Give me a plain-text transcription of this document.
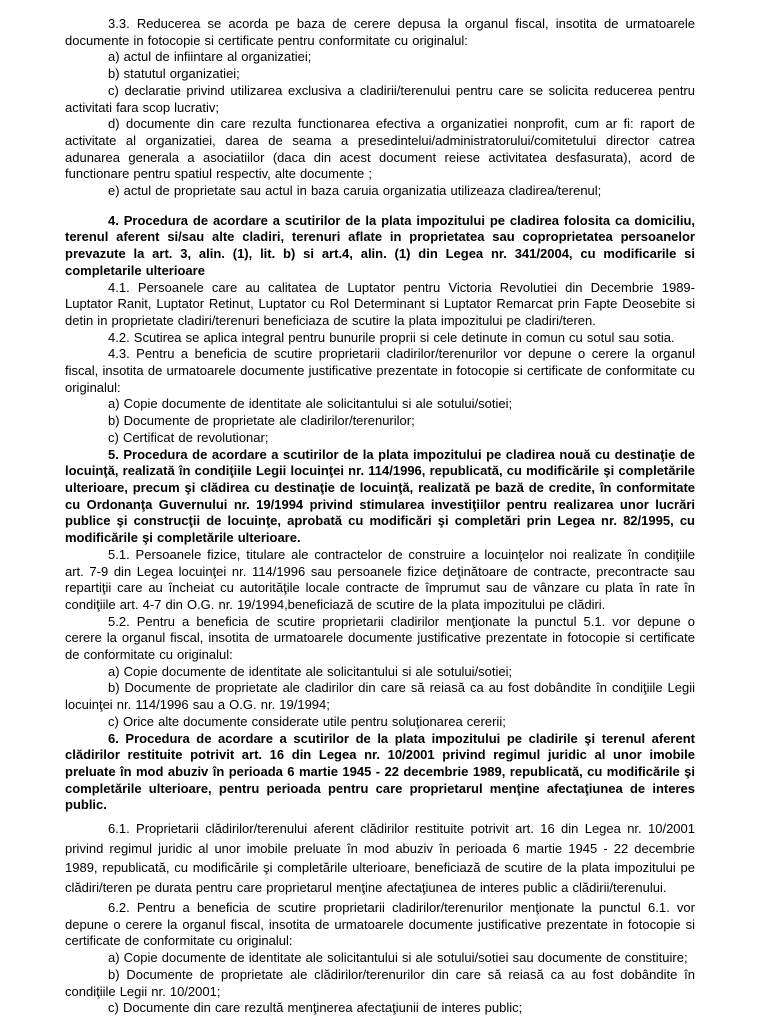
3.3. Reducerea se acorda pe baza de cerere depusa la organul fiscal, insotita de urmatoarele documente in fotocopie si certificate pentru conformitate cu originalul:

a) actul de infiintare al organizatiei;

b) statutul organizatiei;

c) declaratie privind utilizarea exclusiva a cladirii/terenului pentru care se solicita reducerea pentru activitati fara scop lucrativ;

d) documente din care rezulta functionarea efectiva a organizatiei nonprofit, cum ar fi: raport de activitate al organizatiei, darea de seama a presedintelui/administratorului/comitetului director catrea adunarea generala a asociatiilor (daca din acest document reiese activitatea desfasurata), acord de functionare pentru spatiul respectiv, alte documente ;

e) actul de proprietate sau actul in baza caruia organizatia utilizeaza cladirea/terenul;

4. Procedura de acordare a scutirilor de la plata impozitului pe cladirea folosita ca domiciliu, terenul aferent si/sau alte cladiri, terenuri aflate in proprietatea sau coproprietatea persoanelor prevazute la art. 3, alin. (1), lit. b) si art.4, alin. (1) din Legea nr. 341/2004, cu modificarile si completarile ulterioare

4.1. Persoanele care au calitatea de Luptator pentru Victoria Revolutiei din Decembrie 1989- Luptator Ranit, Luptator Retinut, Luptator cu Rol Determinant si Luptator Remarcat prin Fapte Deosebite si detin in proprietate cladiri/terenuri beneficiaza de scutire la plata impozitului pe cladiri/teren.

4.2. Scutirea se aplica integral pentru bunurile proprii si cele detinute in comun cu sotul sau sotia.

4.3. Pentru a beneficia de scutire proprietarii cladirilor/terenurilor vor depune o cerere la organul fiscal, insotita de urmatoarele documente justificative prezentate in fotocopie si certificate de conformitate cu originalul:

a) Copie documente de identitate ale solicitantului si ale sotului/sotiei;

b) Documente de proprietate ale cladirilor/terenurilor;

c) Certificat de revolutionar;

5. Procedura de acordare a scutirilor de la plata impozitului pe cladirea nouă cu destinaţie de locuinţă, realizată în condiţiile Legii locuinţei nr. 114/1996, republicată, cu modificările şi completările ulterioare, precum şi clădirea cu destinaţie de locuinţă, realizată pe bază de credite, în conformitate cu Ordonanţa Guvernului nr. 19/1994 privind stimularea investiţiilor pentru realizarea unor lucrări publice şi construcţii de locuinţe, aprobată cu modificări şi completări prin Legea nr. 82/1995, cu modificările şi completările ulterioare.

5.1. Persoanele fizice, titulare ale contractelor de construire a locuinţelor noi realizate în condiţiile art. 7-9 din Legea locuinţei nr. 114/1996 sau persoanele fizice deţinătoare de contracte, precontracte sau repartiţii care au încheiat cu autorităţile locale contracte de împrumut sau de vânzare cu plata în rate în condiţiile art. 4-7 din O.G. nr. 19/1994,beneficiază de scutire de la plata impozitului pe clădiri.

5.2. Pentru a beneficia de scutire proprietarii cladirilor menţionate la punctul 5.1. vor depune o cerere la organul fiscal, insotita de urmatoarele documente justificative prezentate in fotocopie si certificate de conformitate cu originalul:

a) Copie documente de identitate ale solicitantului si ale sotului/sotiei;

b) Documente de proprietate ale cladirilor din care să reiasă ca au fost dobândite în condiţiile Legii locuinţei nr. 114/1996 sau a O.G. nr. 19/1994;

c) Orice alte documente considerate utile pentru soluţionarea cererii;

6. Procedura de acordare a scutirilor de la plata impozitului pe cladirile şi terenul aferent clădirilor restituite potrivit art. 16 din Legea nr. 10/2001 privind regimul juridic al unor imobile preluate în mod abuziv în perioada 6 martie 1945 - 22 decembrie 1989, republicată, cu modificările şi completările ulterioare, pentru perioada pentru care proprietarul menţine afectaţiunea de interes public.

6.1. Proprietarii clădirilor/terenului aferent clădirilor restituite potrivit art. 16 din Legea nr. 10/2001 privind regimul juridic al unor imobile preluate în mod abuziv în perioada 6 martie 1945 - 22 decembrie 1989, republicată, cu modificările şi completările ulterioare, beneficiază de scutire de la plata impozitului pe clădiri/teren pe durata pentru care proprietarul menţine afectaţiunea de interes public a clădirii/terenului.

6.2. Pentru a beneficia de scutire proprietarii cladirilor/terenurilor menţionate la punctul 6.1. vor depune o cerere la organul fiscal, insotita de urmatoarele documente justificative prezentate in fotocopie si certificate de conformitate cu originalul:

a) Copie documente de identitate ale solicitantului si ale sotului/sotiei sau documente de constituire;

b) Documente de proprietate ale clădirilor/terenurilor din care să reiasă ca au fost dobândite în condiţiile Legii nr. 10/2001;

c) Documente din care rezultă menţinerea afectaţiunii de interes public;
